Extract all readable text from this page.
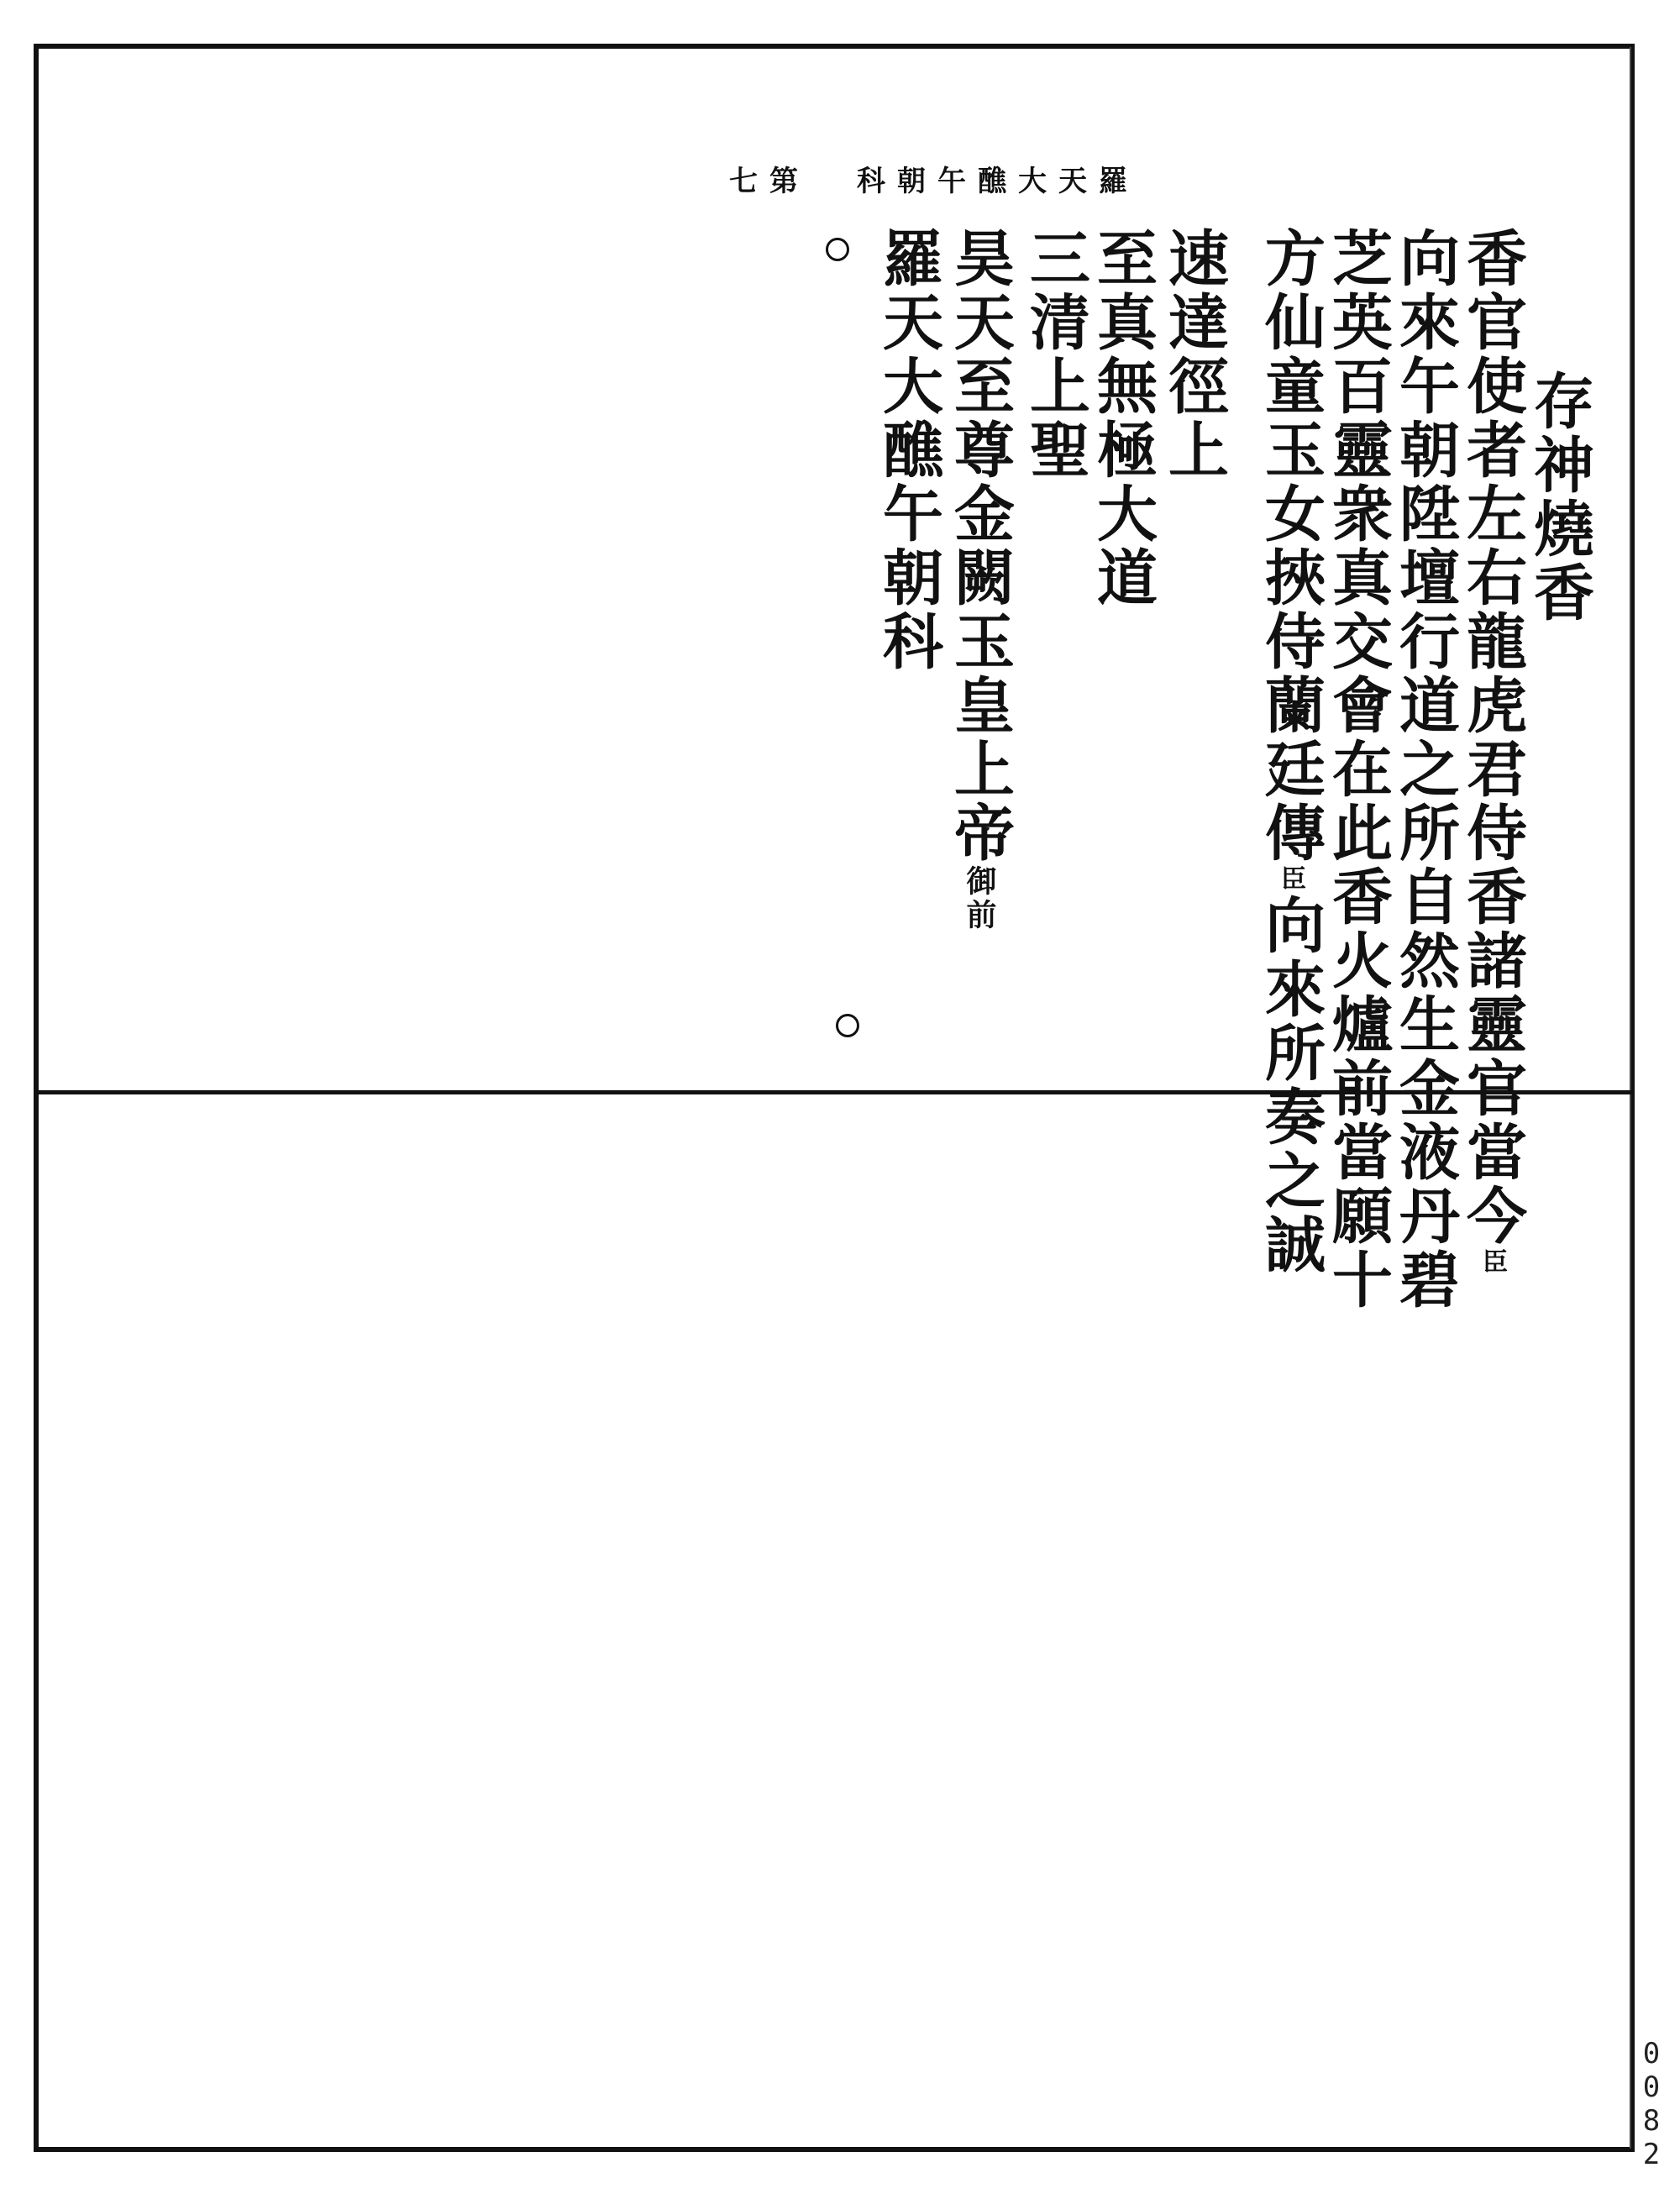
羅天大醮午朝科
第七
存神燒香
香官使者左右龍虎君侍香諸靈官當今臣
向來午朝陞壇行道之所自然生金液丹碧
芝英百靈衆真交會在此香火爐前當願十
方仙童玉女挾侍蘭廷傳臣向來所奏之誠
速達徑上
至真無極大道
三清上聖
昊天至尊金闕玉皇上帝御前
羅天大醮午朝科
0082
